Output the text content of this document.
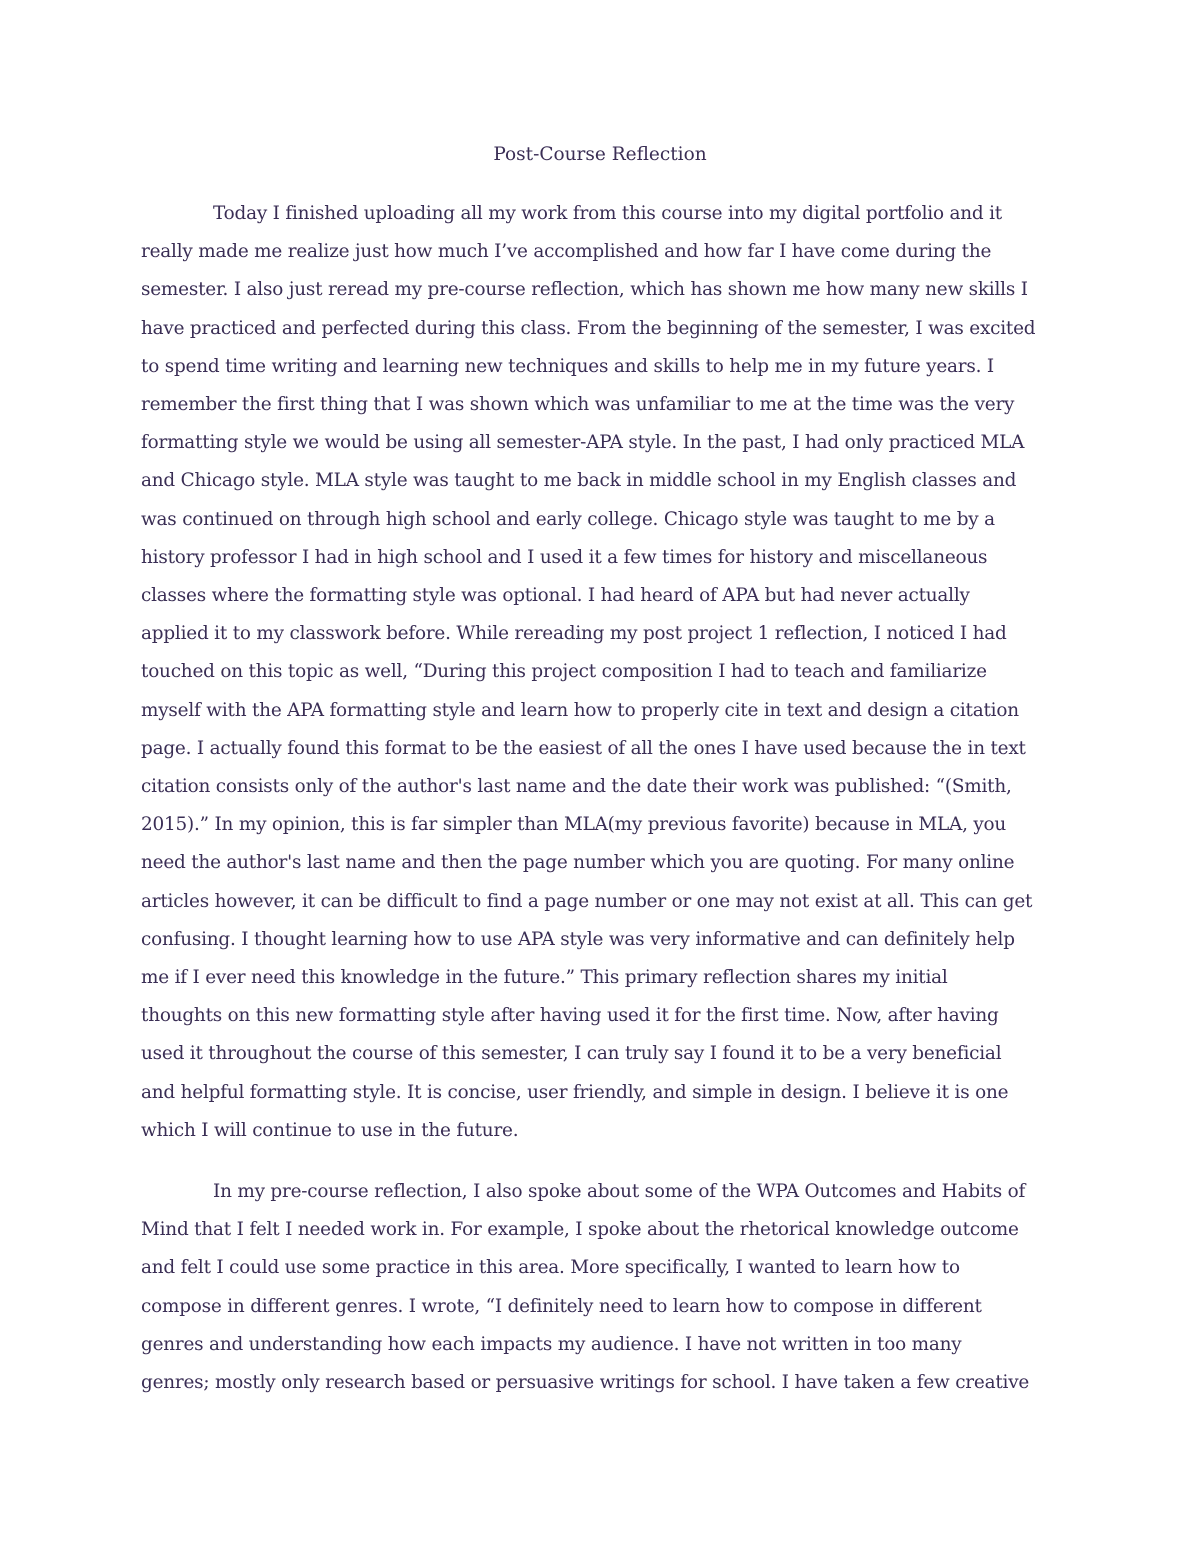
Post-Course Reflection
Today I finished uploading all my work from this course into my digital portfolio and it
really made me realize just how much I’ve accomplished and how far I have come during the
semester. I also just reread my pre-course reflection, which has shown me how many new skills I
have practiced and perfected during this class. From the beginning of the semester, I was excited
to spend time writing and learning new techniques and skills to help me in my future years. I
remember the first thing that I was shown which was unfamiliar to me at the time was the very
formatting style we would be using all semester-APA style. In the past, I had only practiced MLA
and Chicago style. MLA style was taught to me back in middle school in my English classes and
was continued on through high school and early college. Chicago style was taught to me by a
history professor I had in high school and I used it a few times for history and miscellaneous
classes where the formatting style was optional. I had heard of APA but had never actually
applied it to my classwork before. While rereading my post project 1 reflection, I noticed I had
touched on this topic as well, “During this project composition I had to teach and familiarize
myself with the APA formatting style and learn how to properly cite in text and design a citation
page. I actually found this format to be the easiest of all the ones I have used because the in text
citation consists only of the author's last name and the date their work was published: “(Smith,
2015).” In my opinion, this is far simpler than MLA(my previous favorite) because in MLA, you
need the author's last name and then the page number which you are quoting. For many online
articles however, it can be difficult to find a page number or one may not exist at all. This can get
confusing. I thought learning how to use APA style was very informative and can definitely help
me if I ever need this knowledge in the future.” This primary reflection shares my initial
thoughts on this new formatting style after having used it for the first time. Now, after having
used it throughout the course of this semester, I can truly say I found it to be a very beneficial
and helpful formatting style. It is concise, user friendly, and simple in design. I believe it is one
which I will continue to use in the future.
In my pre-course reflection, I also spoke about some of the WPA Outcomes and Habits of
Mind that I felt I needed work in. For example, I spoke about the rhetorical knowledge outcome
and felt I could use some practice in this area. More specifically, I wanted to learn how to
compose in different genres. I wrote, “I definitely need to learn how to compose in different
genres and understanding how each impacts my audience. I have not written in too many
genres; mostly only research based or persuasive writings for school. I have taken a few creative
